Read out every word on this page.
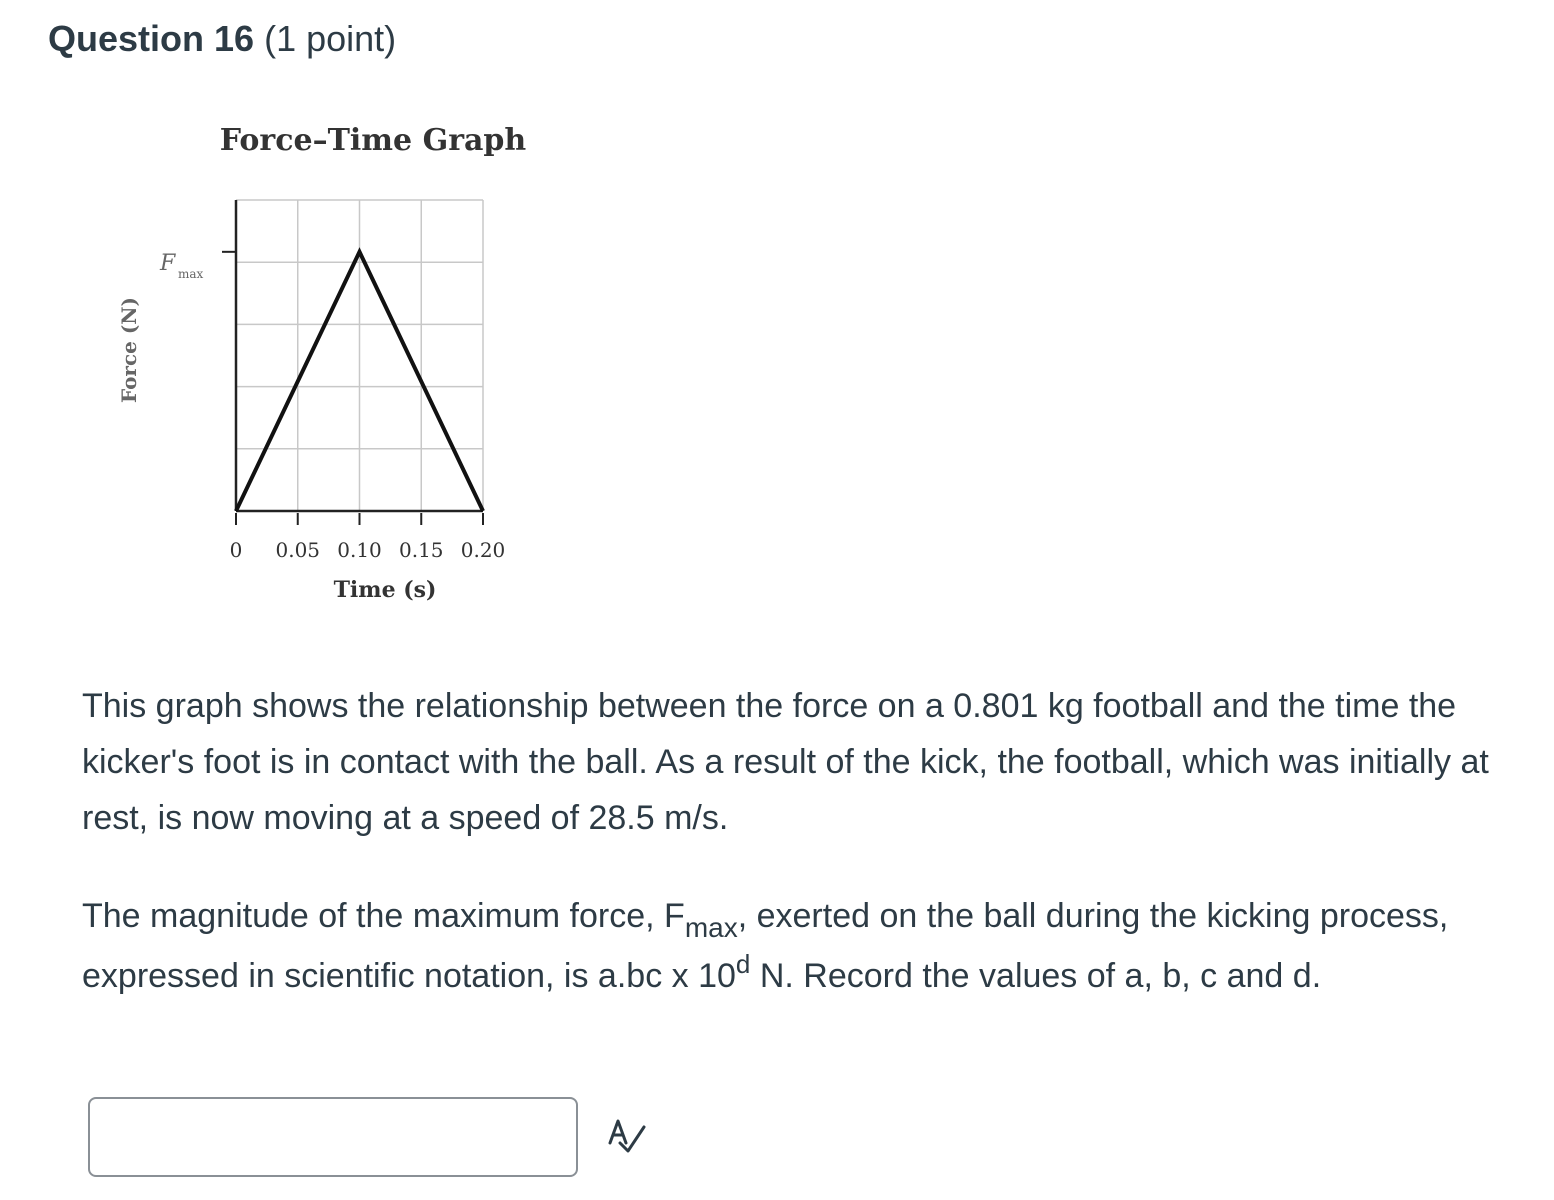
Question 16 (1 point)
Force–Time Graph
Force (N)
Time (s)
F max
0 0.05 0.10 0.15 0.20

This graph shows the relationship between the force on a 0.801 kg football and the time the kicker's foot is in contact with the ball. As a result of the kick, the football, which was initially at rest, is now moving at a speed of 28.5 m/s.

The magnitude of the maximum force, $F_{max}$, exerted on the ball during the kicking process, expressed in scientific notation, is a.bc x 10$^d$ N. Record the values of a, b, c and d.
